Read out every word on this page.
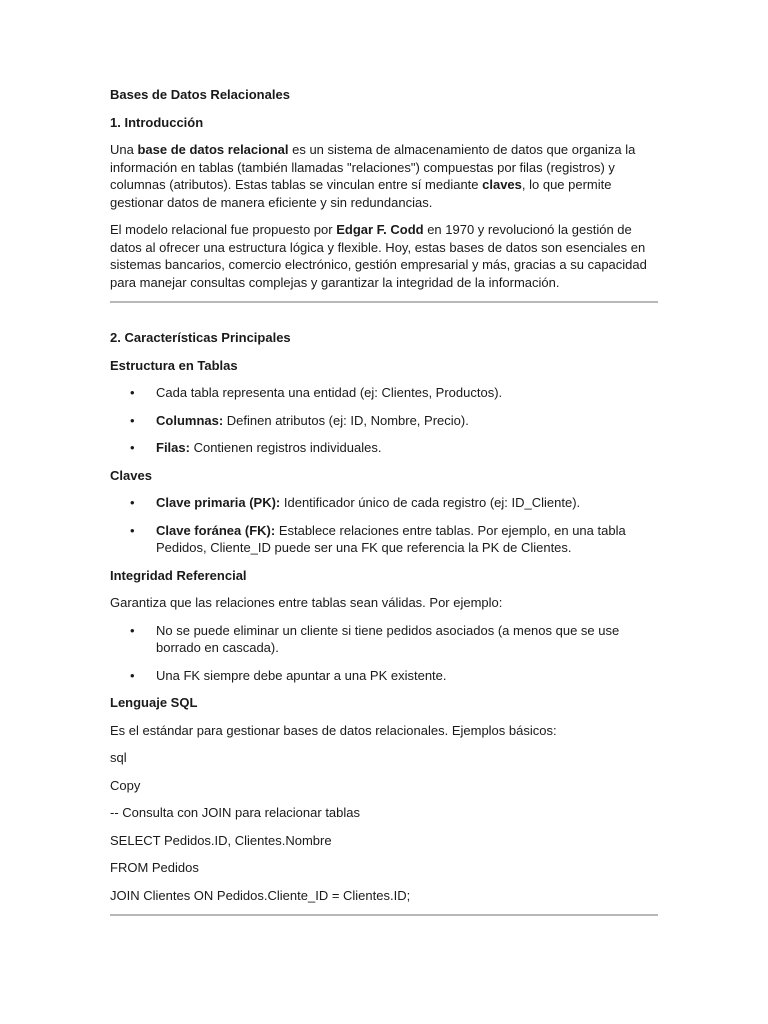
Bases de Datos Relacionales

1. Introducción

Una base de datos relacional es un sistema de almacenamiento de datos que organiza la información en tablas (también llamadas "relaciones") compuestas por filas (registros) y columnas (atributos). Estas tablas se vinculan entre sí mediante claves, lo que permite gestionar datos de manera eficiente y sin redundancias.

El modelo relacional fue propuesto por Edgar F. Codd en 1970 y revolucionó la gestión de datos al ofrecer una estructura lógica y flexible. Hoy, estas bases de datos son esenciales en sistemas bancarios, comercio electrónico, gestión empresarial y más, gracias a su capacidad para manejar consultas complejas y garantizar la integridad de la información.

2. Características Principales

Estructura en Tablas

• Cada tabla representa una entidad (ej: Clientes, Productos).
• Columnas: Definen atributos (ej: ID, Nombre, Precio).
• Filas: Contienen registros individuales.

Claves

• Clave primaria (PK): Identificador único de cada registro (ej: ID_Cliente).
• Clave foránea (FK): Establece relaciones entre tablas. Por ejemplo, en una tabla Pedidos, Cliente_ID puede ser una FK que referencia la PK de Clientes.

Integridad Referencial

Garantiza que las relaciones entre tablas sean válidas. Por ejemplo:

• No se puede eliminar un cliente si tiene pedidos asociados (a menos que se use borrado en cascada).
• Una FK siempre debe apuntar a una PK existente.

Lenguaje SQL

Es el estándar para gestionar bases de datos relacionales. Ejemplos básicos:

sql

Copy

-- Consulta con JOIN para relacionar tablas

SELECT Pedidos.ID, Clientes.Nombre

FROM Pedidos

JOIN Clientes ON Pedidos.Cliente_ID = Clientes.ID;
